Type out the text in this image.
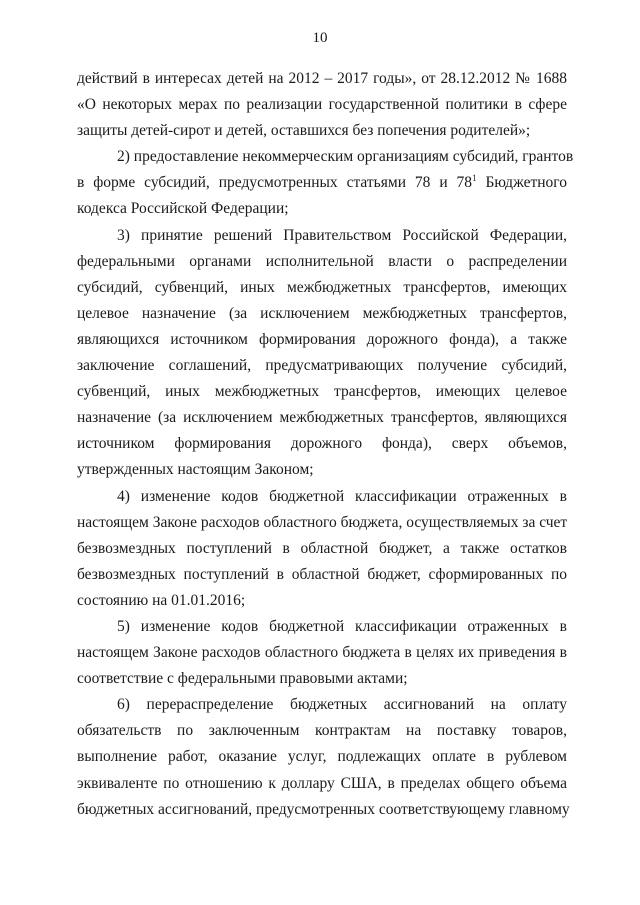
10
действий в интересах детей на 2012 – 2017 годы», от 28.12.2012 № 1688
«О некоторых мерах по реализации государственной политики в сфере
защиты детей-сирот и детей, оставшихся без попечения родителей»;
2) предоставление некоммерческим организациям субсидий, грантов
в форме субсидий, предусмотренных статьями 78 и $78^1$ Бюджетного
кодекса Российской Федерации;
3) принятие решений Правительством Российской Федерации,
федеральными органами исполнительной власти о распределении
субсидий, субвенций, иных межбюджетных трансфертов, имеющих
целевое назначение (за исключением межбюджетных трансфертов,
являющихся источником формирования дорожного фонда), а также
заключение соглашений, предусматривающих получение субсидий,
субвенций, иных межбюджетных трансфертов, имеющих целевое
назначение (за исключением межбюджетных трансфертов, являющихся
источником формирования дорожного фонда), сверх объемов,
утвержденных настоящим Законом;
4) изменение кодов бюджетной классификации отраженных в
настоящем Законе расходов областного бюджета, осуществляемых за счет
безвозмездных поступлений в областной бюджет, а также остатков
безвозмездных поступлений в областной бюджет, сформированных по
состоянию на 01.01.2016;
5) изменение кодов бюджетной классификации отраженных в
настоящем Законе расходов областного бюджета в целях их приведения в
соответствие с федеральными правовыми актами;
6) перераспределение бюджетных ассигнований на оплату
обязательств по заключенным контрактам на поставку товаров,
выполнение работ, оказание услуг, подлежащих оплате в рублевом
эквиваленте по отношению к доллару США, в пределах общего объема
бюджетных ассигнований, предусмотренных соответствующему главному
